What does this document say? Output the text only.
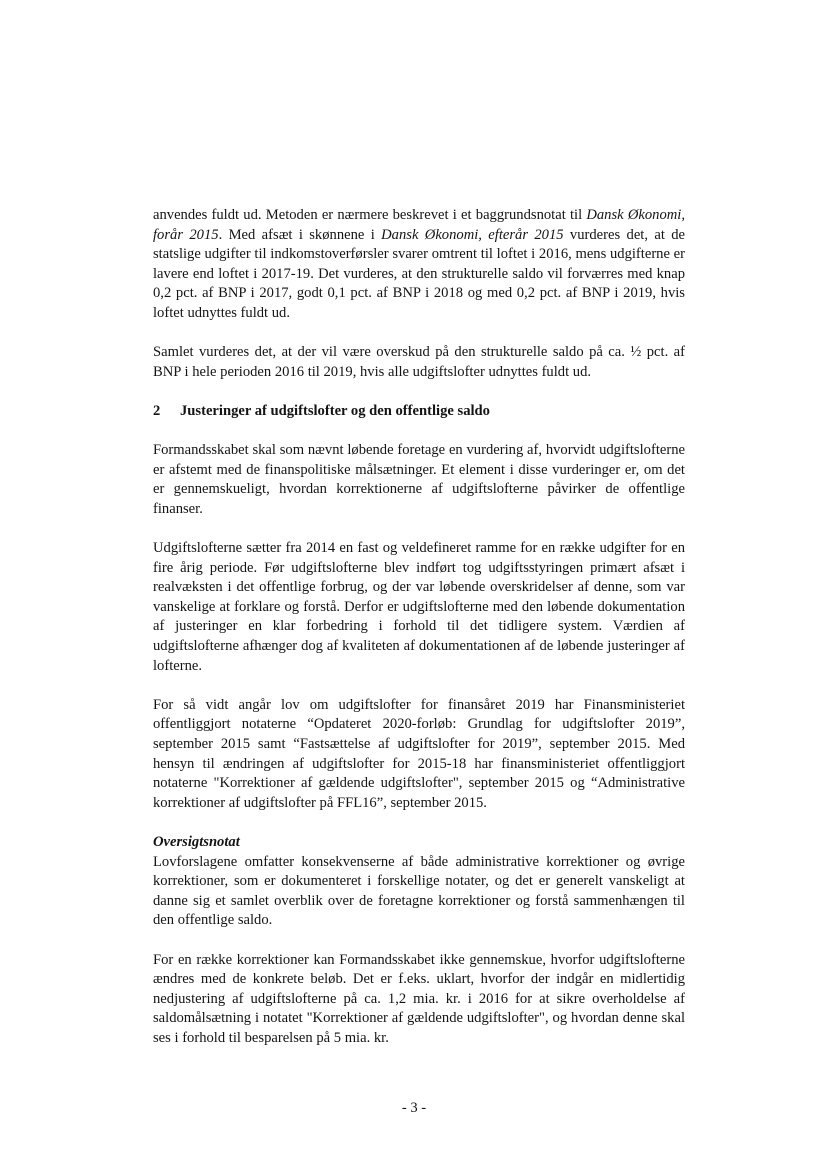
anvendes fuldt ud. Metoden er nærmere beskrevet i et baggrundsnotat til Dansk Økonomi, forår 2015. Med afsæt i skønnene i Dansk Økonomi, efterår 2015 vurderes det, at de statslige udgifter til indkomstoverførsler svarer omtrent til loftet i 2016, mens udgifterne er lavere end loftet i 2017-19. Det vurderes, at den strukturelle saldo vil forværres med knap 0,2 pct. af BNP i 2017, godt 0,1 pct. af BNP i 2018 og med 0,2 pct. af BNP i 2019, hvis loftet udnyttes fuldt ud.

Samlet vurderes det, at der vil være overskud på den strukturelle saldo på ca. ½ pct. af BNP i hele perioden 2016 til 2019, hvis alle udgiftslofter udnyttes fuldt ud.

2	Justeringer af udgiftslofter og den offentlige saldo

Formandsskabet skal som nævnt løbende foretage en vurdering af, hvorvidt udgiftslofterne er afstemt med de finanspolitiske målsætninger. Et element i disse vurderinger er, om det er gennemskueligt, hvordan korrektionerne af udgiftslofterne påvirker de offentlige finanser.

Udgiftslofterne sætter fra 2014 en fast og veldefineret ramme for en række udgifter for en fire årig periode. Før udgiftslofterne blev indført tog udgiftsstyringen primært afsæt i realvæksten i det offentlige forbrug, og der var løbende overskridelser af denne, som var vanskelige at forklare og forstå. Derfor er udgiftslofterne med den løbende dokumentation af justeringer en klar forbedring i forhold til det tidligere system. Værdien af udgiftslofterne afhænger dog af kvaliteten af dokumentationen af de løbende justeringer af lofterne.

For så vidt angår lov om udgiftslofter for finansåret 2019 har Finansministeriet offentliggjort notaterne “Opdateret 2020-forløb: Grundlag for udgiftslofter 2019”, september 2015 samt “Fastsættelse af udgiftslofter for 2019”, september 2015. Med hensyn til ændringen af udgiftslofter for 2015-18 har finansministeriet offentliggjort notaterne "Korrektioner af gældende udgiftslofter", september 2015 og “Administrative korrektioner af udgiftslofter på FFL16”, september 2015.

Oversigtsnotat

Lovforslagene omfatter konsekvenserne af både administrative korrektioner og øvrige korrektioner, som er dokumenteret i forskellige notater, og det er generelt vanskeligt at danne sig et samlet overblik over de foretagne korrektioner og forstå sammenhængen til den offentlige saldo.

For en række korrektioner kan Formandsskabet ikke gennemskue, hvorfor udgiftslofterne ændres med de konkrete beløb. Det er f.eks. uklart, hvorfor der indgår en midlertidig nedjustering af udgiftslofterne på ca. 1,2 mia. kr. i 2016 for at sikre overholdelse af saldomålsætning i notatet "Korrektioner af gældende udgiftslofter", og hvordan denne skal ses i forhold til besparelsen på 5 mia. kr.

- 3 -
